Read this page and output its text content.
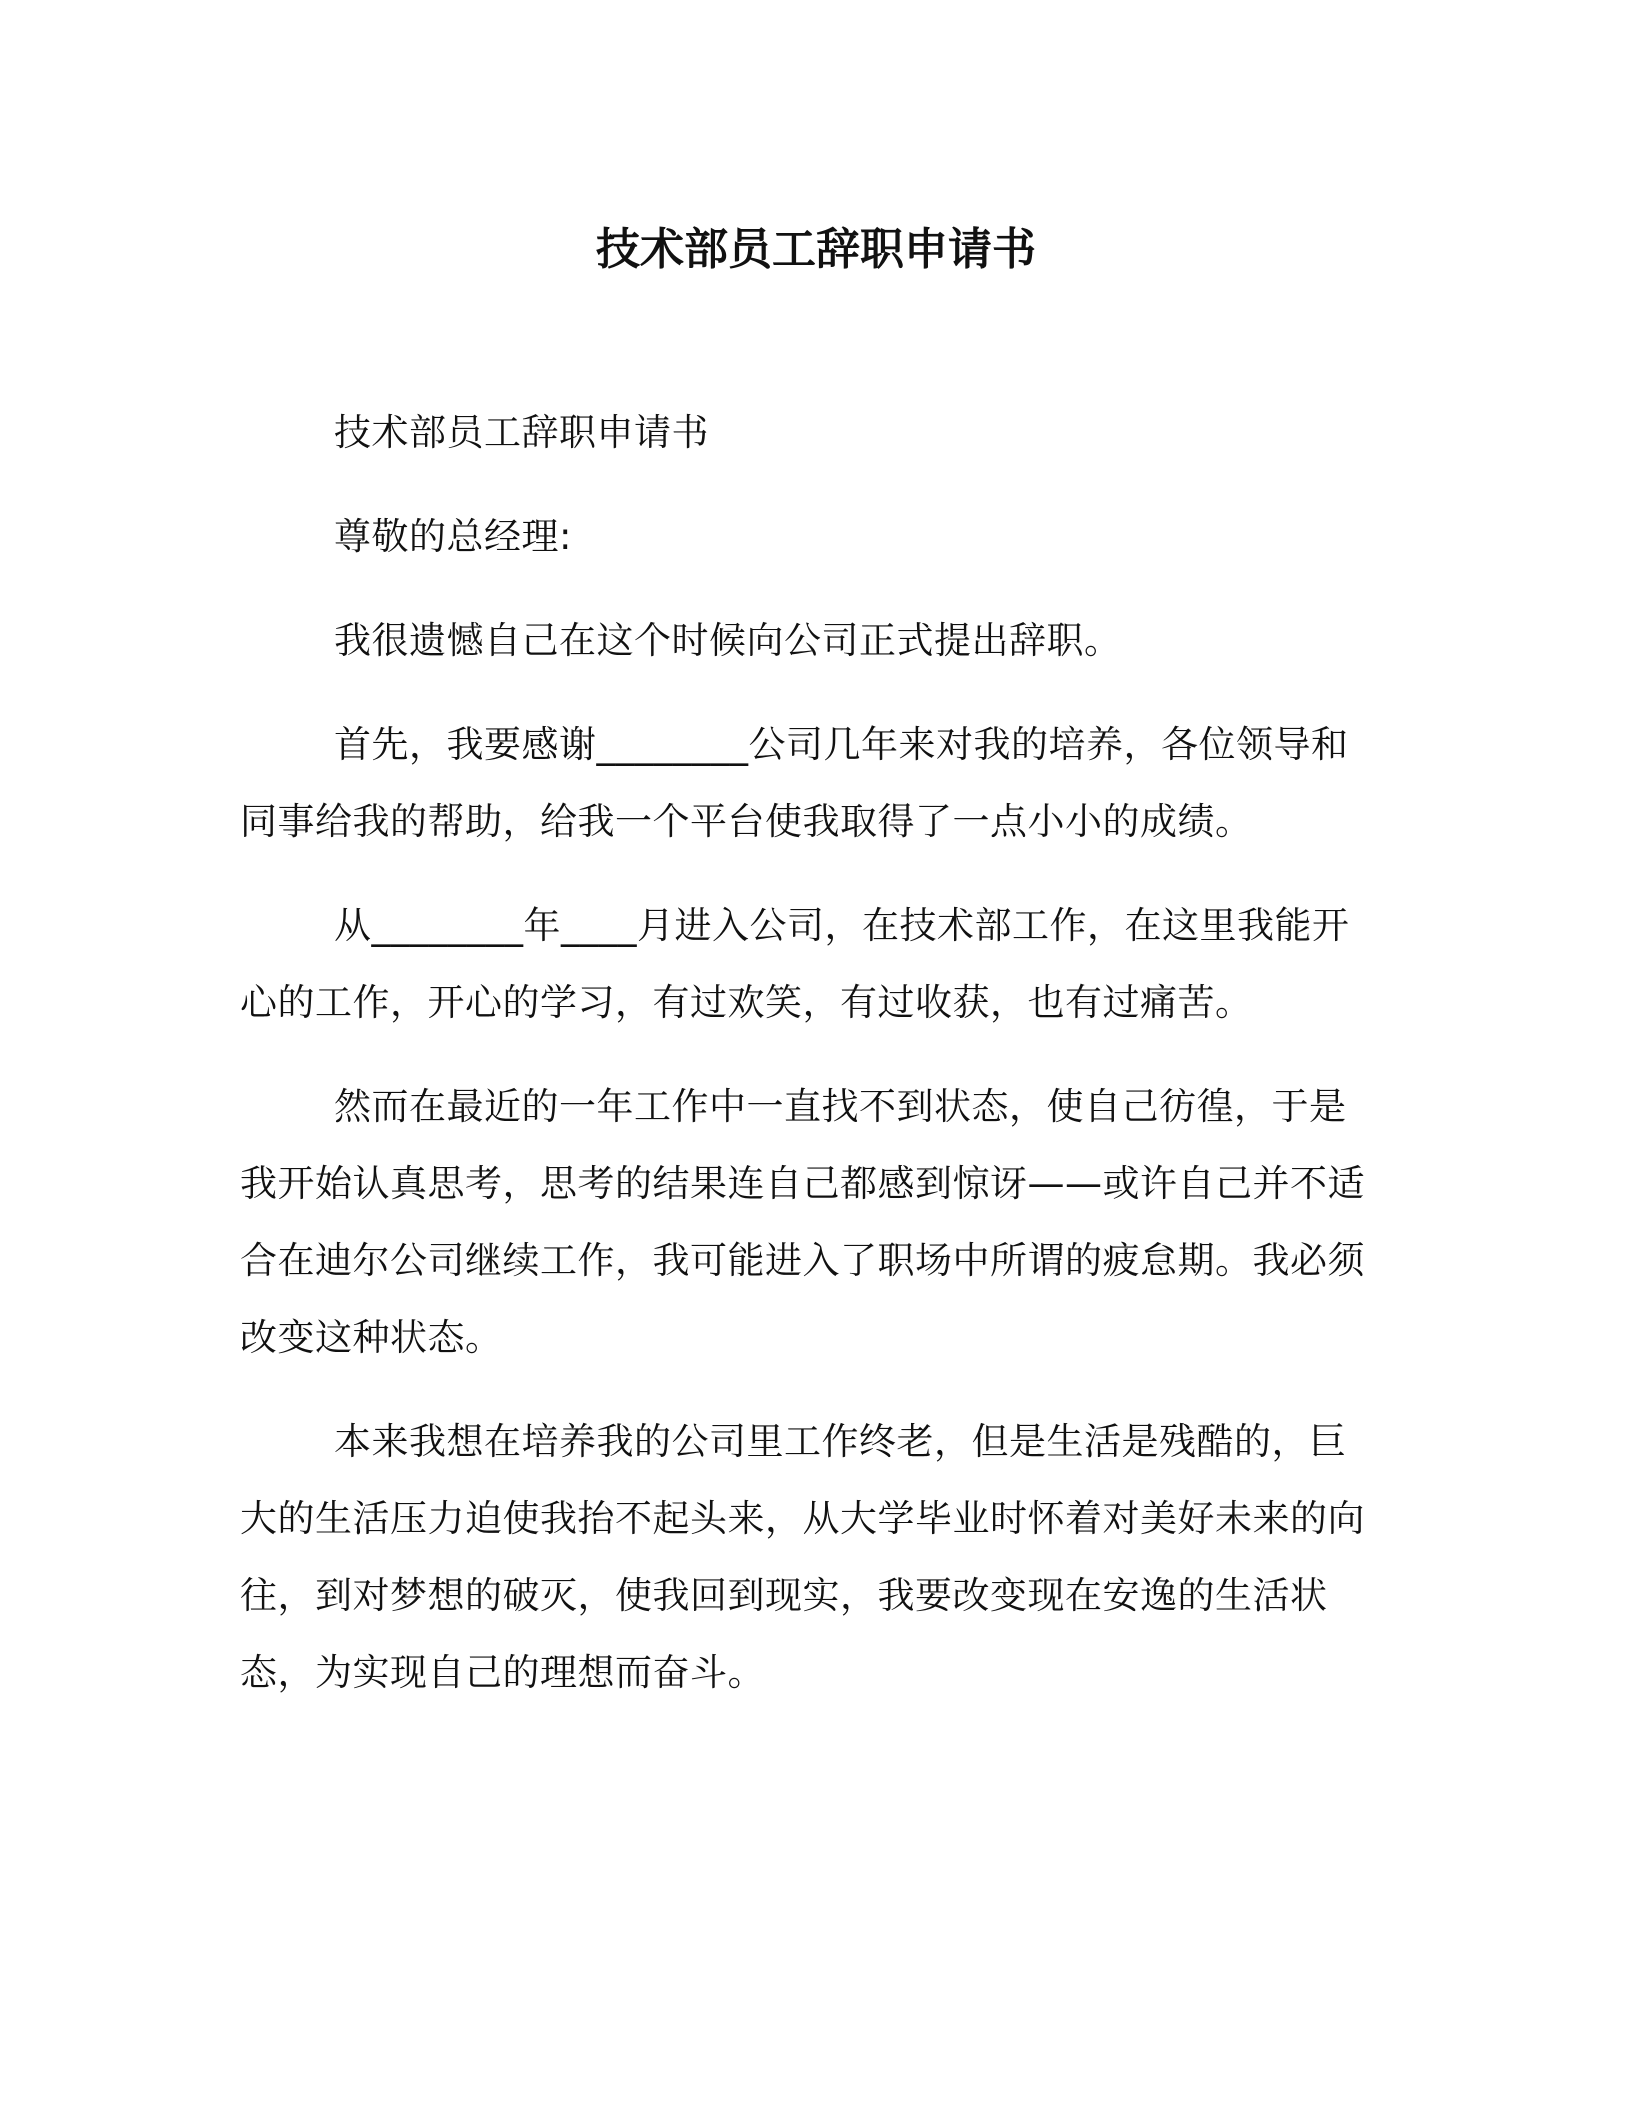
技术部员工辞职申请书

技术部员工辞职申请书

尊敬的总经理:

我很遗憾自己在这个时候向公司正式提出辞职。

首先，我要感谢________公司几年来对我的培养，各位领导和同事给我的帮助，给我一个平台使我取得了一点小小的成绩。

从________年____月进入公司，在技术部工作，在这里我能开心的工作，开心的学习，有过欢笑，有过收获，也有过痛苦。

然而在最近的一年工作中一直找不到状态，使自己彷徨，于是我开始认真思考，思考的结果连自己都感到惊讶——或许自己并不适合在迪尔公司继续工作，我可能进入了职场中所谓的疲怠期。我必须改变这种状态。

本来我想在培养我的公司里工作终老，但是生活是残酷的，巨大的生活压力迫使我抬不起头来，从大学毕业时怀着对美好未来的向往，到对梦想的破灭，使我回到现实，我要改变现在安逸的生活状态，为实现自己的理想而奋斗。
